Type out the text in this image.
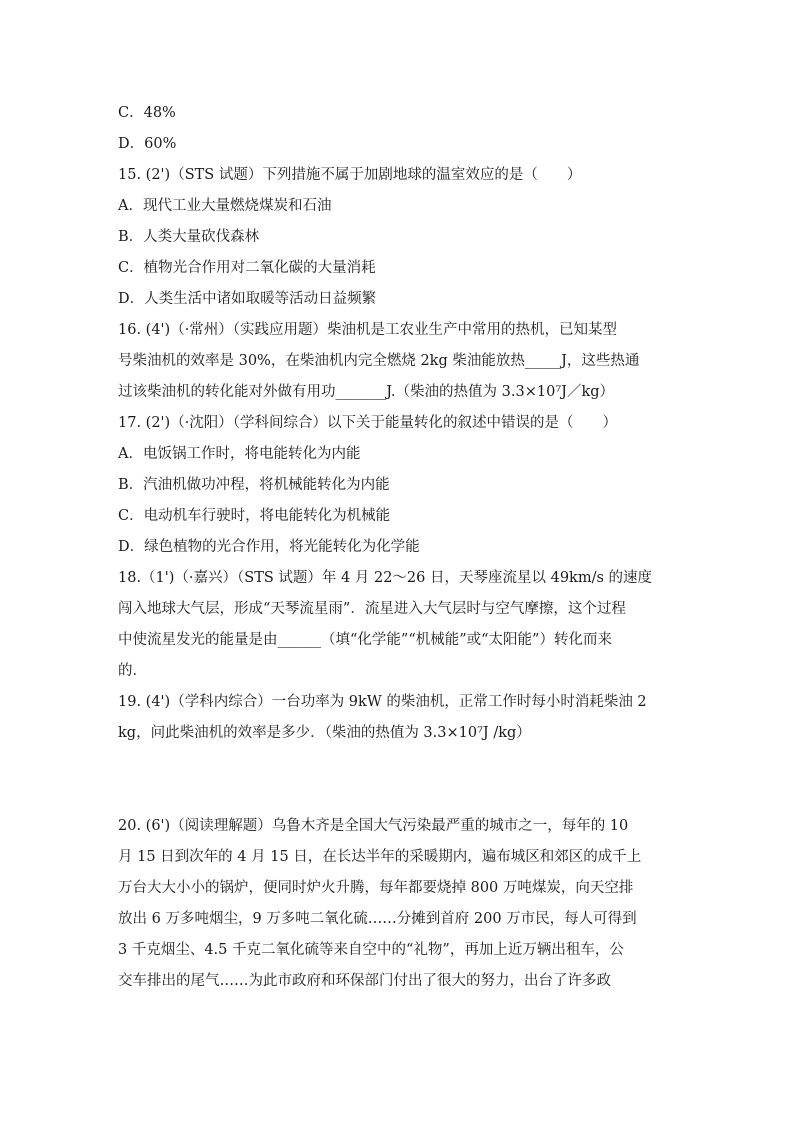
C．48%
D．60%
15. (2')（STS 试题）下列措施不属于加剧地球的温室效应的是（　　）
A．现代工业大量燃烧煤炭和石油
B．人类大量砍伐森林
C．植物光合作用对二氧化碳的大量消耗
D．人类生活中诸如取暖等活动日益频繁
16. (4')（·常州）（实践应用题）柴油机是工农业生产中常用的热机，已知某型
号柴油机的效率是 30%，在柴油机内完全燃烧 2kg 柴油能放热_____J，这些热通
过该柴油机的转化能对外做有用功_______J.（柴油的热值为 3.3×10⁷J／kg）
17. (2')（·沈阳）（学科间综合）以下关于能量转化的叙述中错误的是（　　）
A．电饭锅工作时，将电能转化为内能
B．汽油机做功冲程，将机械能转化为内能
C．电动机车行驶时，将电能转化为机械能
D．绿色植物的光合作用，将光能转化为化学能
18.（1')（·嘉兴）（STS 试题）年 4 月 22～26 日，天琴座流星以 49km/s 的速度
闯入地球大气层，形成“天琴流星雨”．流星进入大气层时与空气摩擦，这个过程
中使流星发光的能量是由______（填“化学能”“机械能”或“太阳能”）转化而来
的．
19. (4')（学科内综合）一台功率为 9kW 的柴油机，正常工作时每小时消耗柴油 2
kg，问此柴油机的效率是多少．（柴油的热值为 3.3×10⁷J /kg）
20. (6')（阅读理解题）乌鲁木齐是全国大气污染最严重的城市之一，每年的 10
月 15 日到次年的 4 月 15 日，在长达半年的采暖期内，遍布城区和郊区的成千上
万台大大小小的锅炉，便同时炉火升腾，每年都要烧掉 800 万吨煤炭，向天空排
放出 6 万多吨烟尘，9 万多吨二氧化硫……分摊到首府 200 万市民，每人可得到
3 千克烟尘、4.5 千克二氧化硫等来自空中的“礼物”，再加上近万辆出租车，公
交车排出的尾气……为此市政府和环保部门付出了很大的努力，出台了许多政
